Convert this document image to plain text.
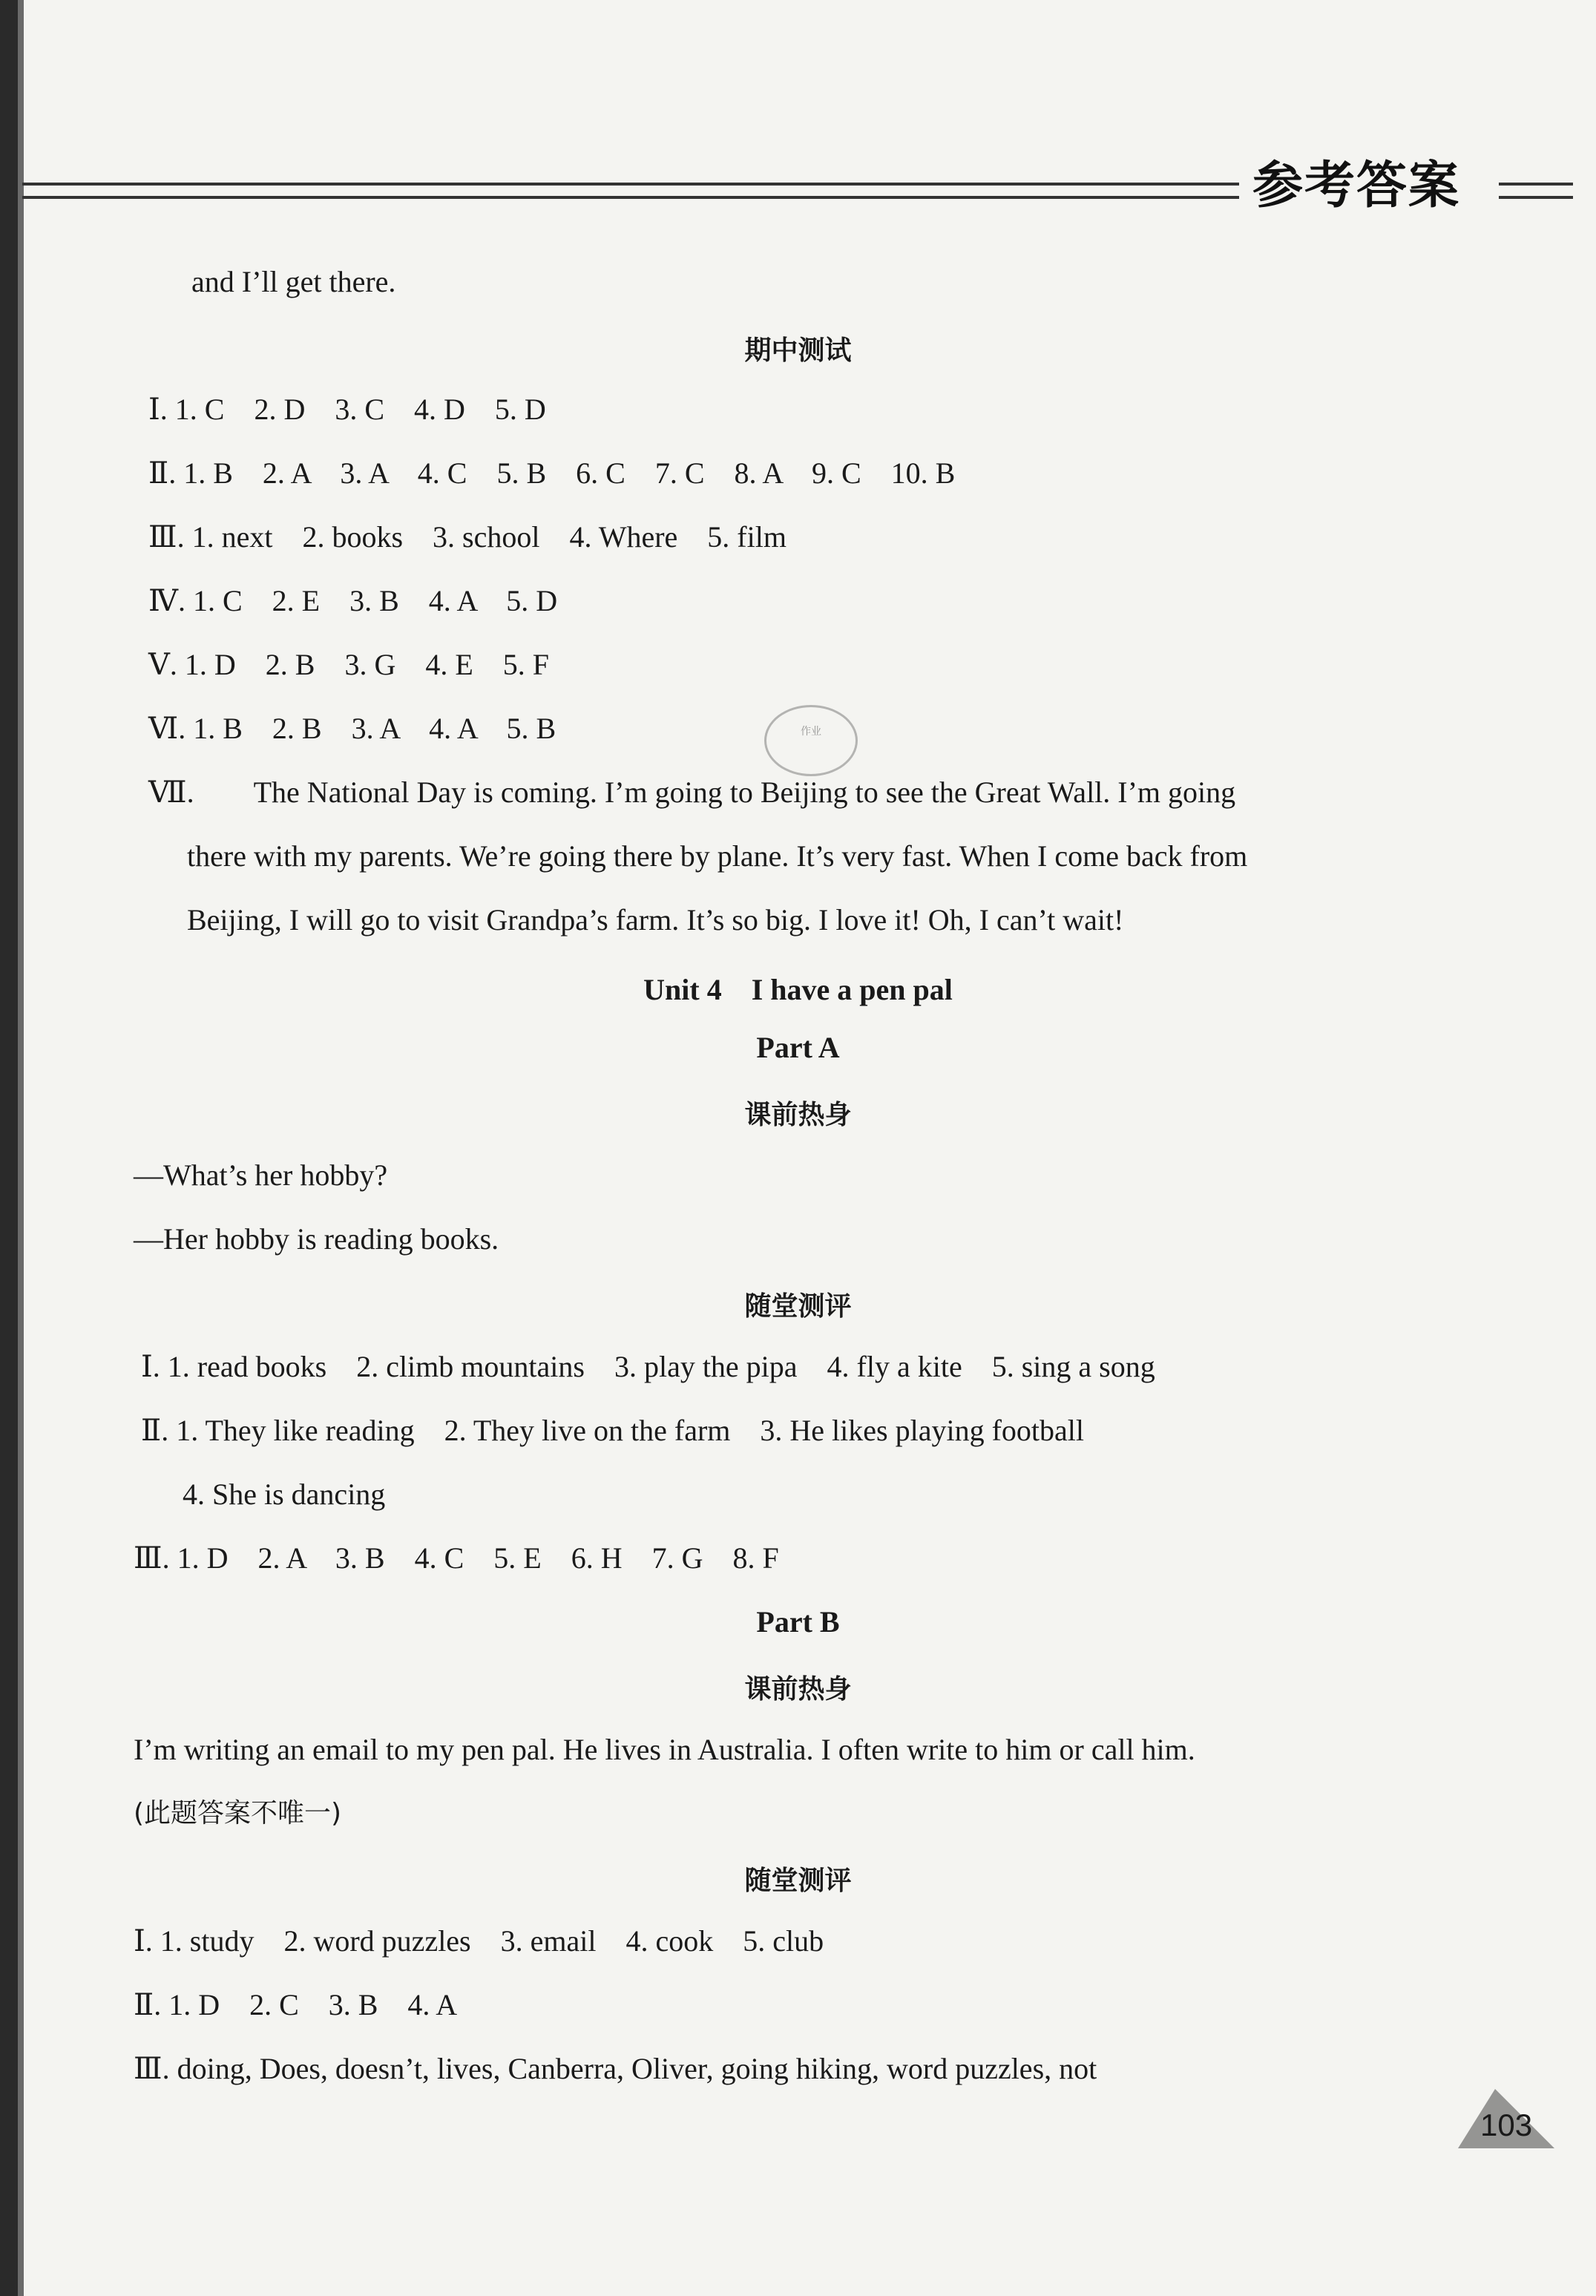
参考答案
and I’ll get there.
期中测试
Ⅰ. 1. C　2. D　3. C　4. D　5. D
Ⅱ. 1. B　2. A　3. A　4. C　5. B　6. C　7. C　8. A　9. C　10. B
Ⅲ. 1. next　2. books　3. school　4. Where　5. film
Ⅳ. 1. C　2. E　3. B　4. A　5. D
Ⅴ. 1. D　2. B　3. G　4. E　5. F
Ⅵ. 1. B　2. B　3. A　4. A　5. B
Ⅶ.　　The National Day is coming. I’m going to Beijing to see the Great Wall. I’m going
there with my parents. We’re going there by plane. It’s very fast. When I come back from
Beijing, I will go to visit Grandpa’s farm. It’s so big. I love it! Oh, I can’t wait!
Unit 4　I have a pen pal
Part A
课前热身
—What’s her hobby?
—Her hobby is reading books.
随堂测评
Ⅰ. 1. read books　2. climb mountains　3. play the pipa　4. fly a kite　5. sing a song
Ⅱ. 1. They like reading　2. They live on the farm　3. He likes playing football
4. She is dancing
Ⅲ. 1. D　2. A　3. B　4. C　5. E　6. H　7. G　8. F
Part B
课前热身
I’m writing an email to my pen pal. He lives in Australia. I often write to him or call him.
(此题答案不唯一)
随堂测评
Ⅰ. 1. study　2. word puzzles　3. email　4. cook　5. club
Ⅱ. 1. D　2. C　3. B　4. A
Ⅲ. doing, Does, doesn’t, lives, Canberra, Oliver, going hiking, word puzzles, not
作业
103
